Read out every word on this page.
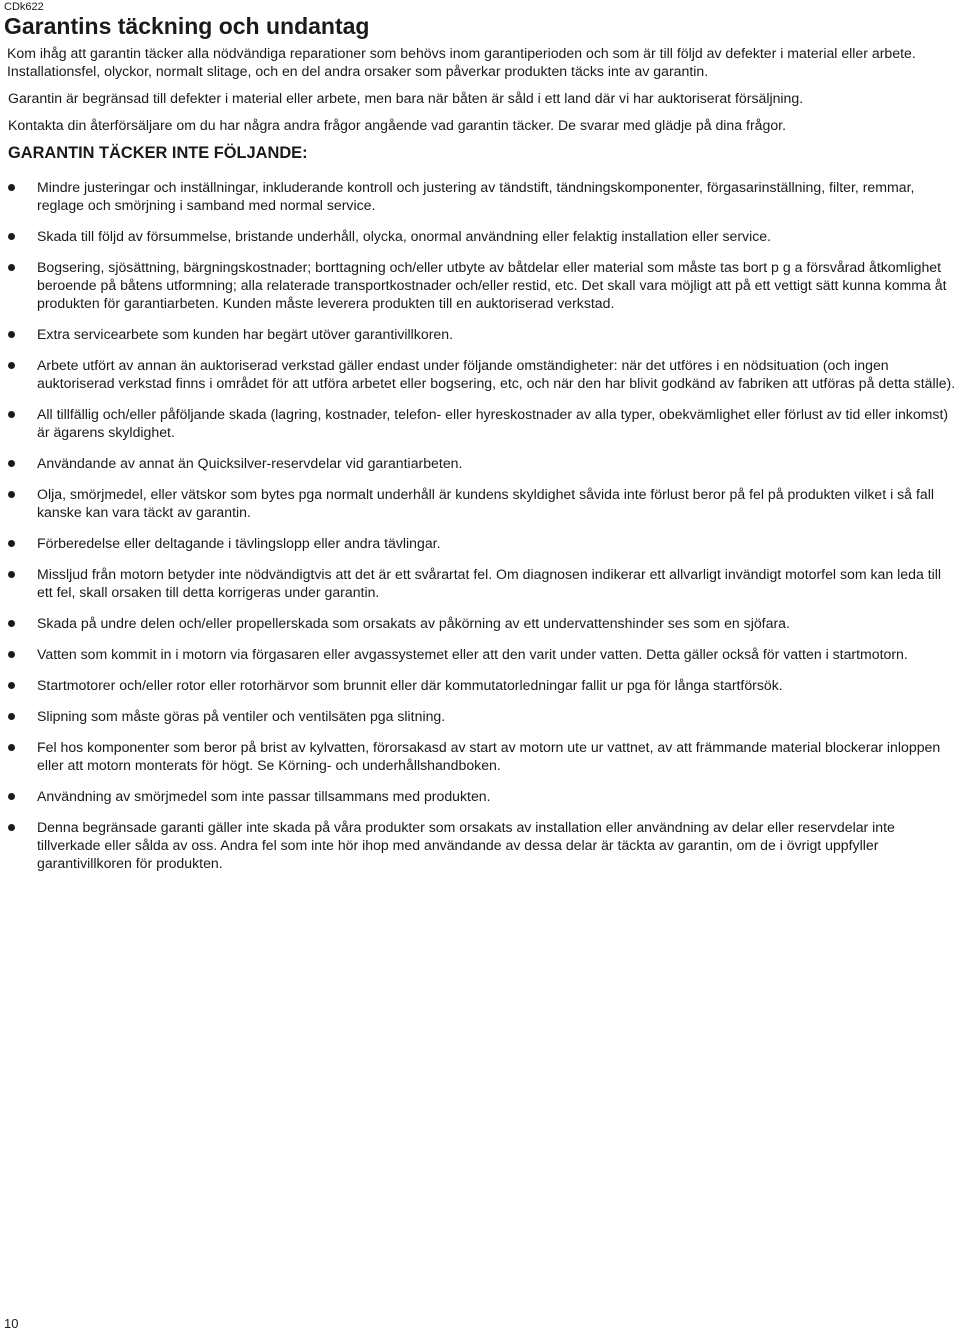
CDk622
Garantins täckning och undantag

Kom ihåg att garantin täcker alla nödvändiga reparationer som behövs inom garantiperioden och som är till följd av defekter i material eller arbete. Installationsfel, olyckor, normalt slitage, och en del andra orsaker som påverkar produkten täcks inte av garantin.

Garantin är begränsad till defekter i material eller arbete, men bara när båten är såld i ett land där vi har auktoriserat försäljning.

Kontakta din återförsäljare om du har några andra frågor angående vad garantin täcker. De svarar med glädje på dina frågor.

GARANTIN TÄCKER INTE FÖLJANDE:
Mindre justeringar och inställningar, inkluderande kontroll och justering av tändstift, tändningskomponenter, förgasarinställning, filter, remmar, reglage och smörjning i samband med normal service.
Skada till följd av försummelse, bristande underhåll, olycka, onormal användning eller felaktig installation eller service.
Bogsering, sjösättning, bärgningskostnader; borttagning och/eller utbyte av båtdelar eller material som måste tas bort p g a försvårad åtkomlighet beroende på båtens utformning; alla relaterade transportkostnader och/eller restid, etc. Det skall vara möjligt att på ett vettigt sätt kunna komma åt produkten för garantiarbeten. Kunden måste leverera produkten till en auktoriserad verkstad.
Extra servicearbete som kunden har begärt utöver garantivillkoren.
Arbete utfört av annan än auktoriserad verkstad gäller endast under följande omständigheter: när det utföres i en nödsituation (och ingen auktoriserad verkstad finns i området för att utföra arbetet eller bogsering, etc, och när den har blivit godkänd av fabriken att utföras på detta ställe).
All tillfällig och/eller påföljande skada (lagring, kostnader, telefon- eller hyreskostnader av alla typer, obekvämlighet eller förlust av tid eller inkomst) är ägarens skyldighet.
Användande av annat än Quicksilver-reservdelar vid garantiarbeten.
Olja, smörjmedel, eller vätskor som bytes pga normalt underhåll är kundens skyldighet såvida inte förlust beror på fel på produkten vilket i så fall kanske kan vara täckt av garantin.
Förberedelse eller deltagande i tävlingslopp eller andra tävlingar.
Missljud från motorn betyder inte nödvändigtvis att det är ett svårartat fel. Om diagnosen indikerar ett allvarligt invändigt motorfel som kan leda till ett fel, skall orsaken till detta korrigeras under garantin.
Skada på undre delen och/eller propellerskada som orsakats av påkörning av ett undervattenshinder ses som en sjöfara.
Vatten som kommit in i motorn via förgasaren eller avgassystemet eller att den varit under vatten. Detta gäller också för vatten i startmotorn.
Startmotorer och/eller rotor eller rotorhärvor som brunnit eller där kommutatorledningar fallit ur pga för långa startförsök.
Slipning som måste göras på ventiler och ventilsäten pga slitning.
Fel hos komponenter som beror på brist av kylvatten, förorsakasd av start av motorn ute ur vattnet, av att främmande material blockerar inloppen eller att motorn monterats för högt. Se Körning- och underhållshandboken.
Användning av smörjmedel som inte passar tillsammans med produkten.
Denna begränsade garanti gäller inte skada på våra produkter som orsakats av installation eller användning av delar eller reservdelar inte tillverkade eller sålda av oss. Andra fel som inte hör ihop med användande av dessa delar är täckta av garantin, om de i övrigt uppfyller garantivillkoren för produkten.
10
